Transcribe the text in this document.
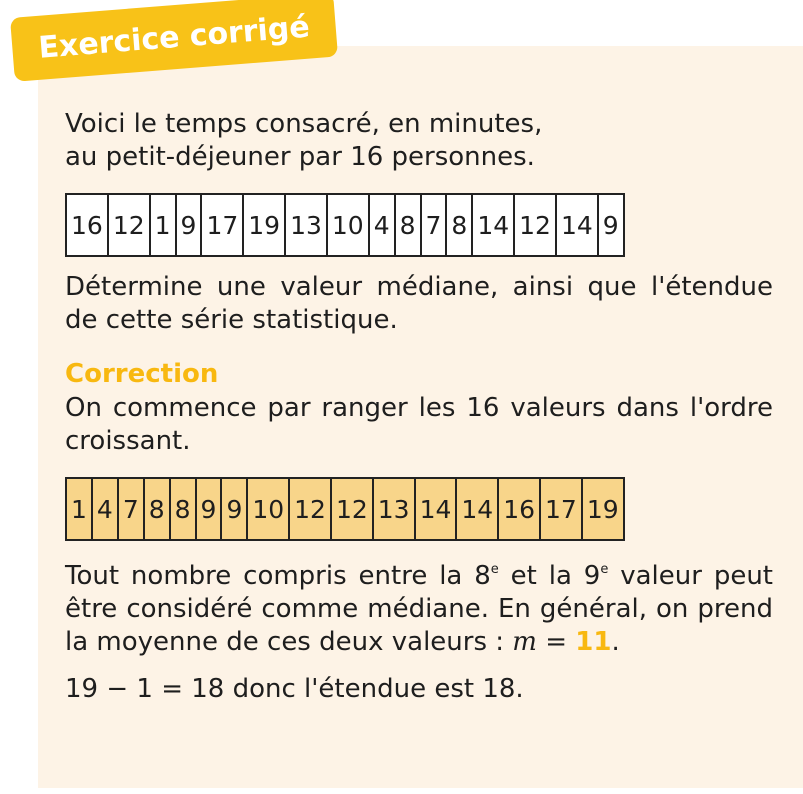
Exercice corrigé

Voici le temps consacré, en minutes,

au petit-déjeuner par 16 personnes.

16	12	1	9	17	19	13	10	4	8	7	8	14	12	14	9

Détermine une valeur médiane, ainsi que l'étendue de cette série statistique.

Correction

On commence par ranger les 16 valeurs dans l'ordre croissant.

1	4	7	8	8	9	9	10	12	12	13	14	14	16	17	19

Tout nombre compris entre la 8e et la 9e valeur peut être considéré comme médiane. En général, on prend la moyenne de ces deux valeurs : m = 11.

19 − 1 = 18 donc l'étendue est 18.
